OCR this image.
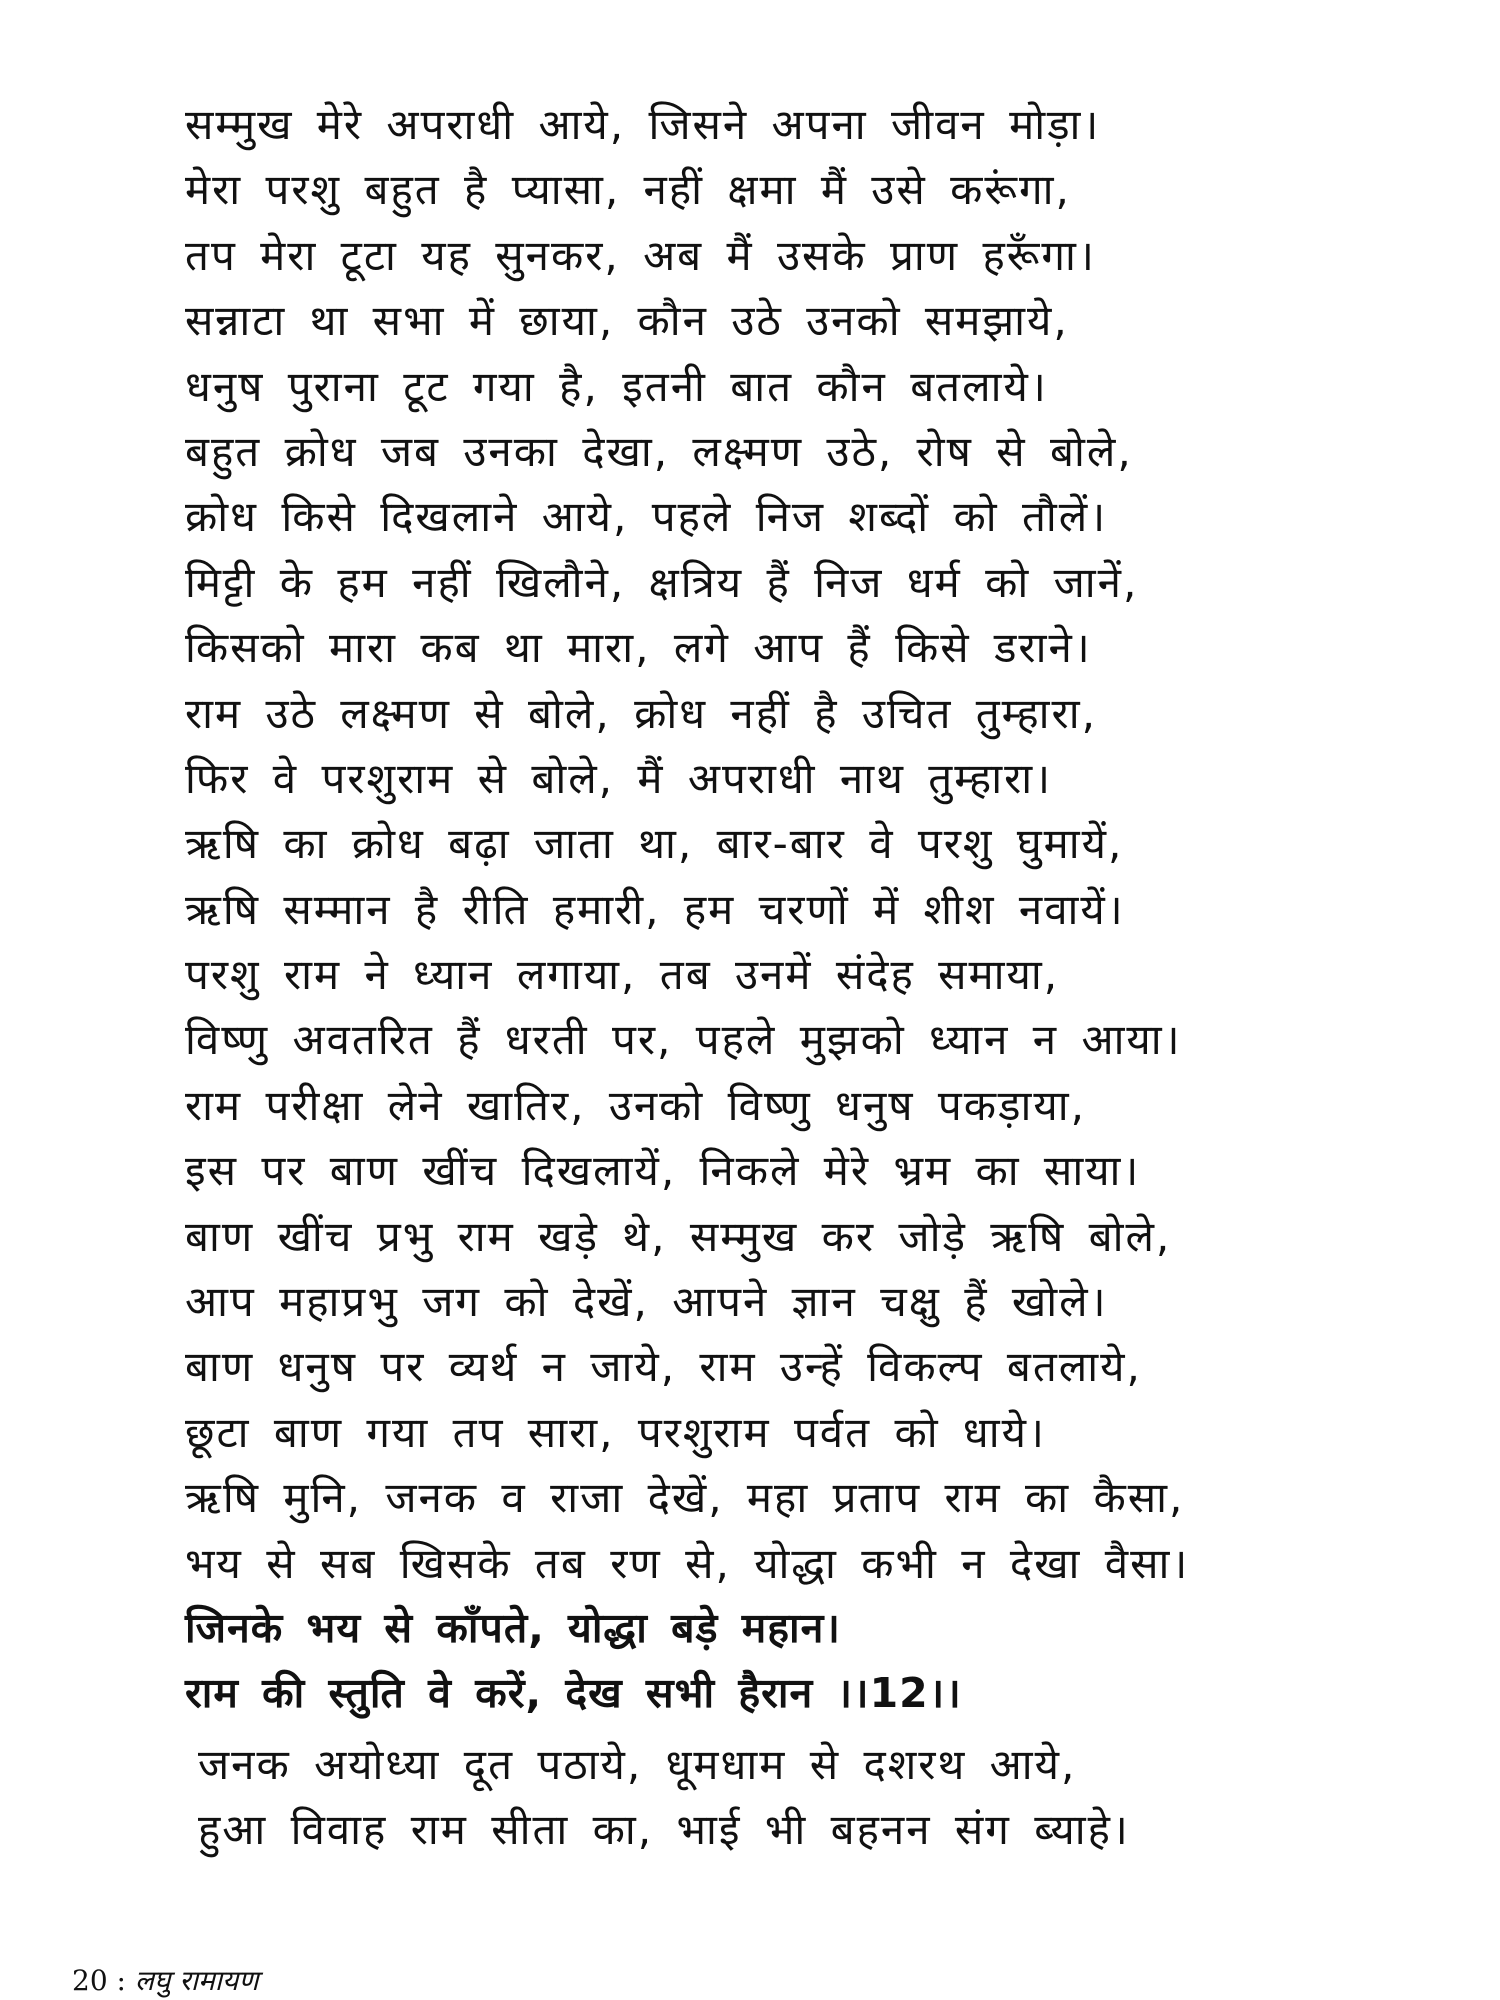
सम्मुख मेरे अपराधी आये, जिसने अपना जीवन मोड़ा।
मेरा परशु बहुत है प्यासा, नहीं क्षमा मैं उसे करूंगा,
तप मेरा टूटा यह सुनकर, अब मैं उसके प्राण हरूँगा।
सन्नाटा था सभा में छाया, कौन उठे उनको समझाये,
धनुष पुराना टूट गया है, इतनी बात कौन बतलाये।
बहुत क्रोध जब उनका देखा, लक्ष्मण उठे, रोष से बोले,
क्रोध किसे दिखलाने आये, पहले निज शब्दों को तौलें।
मिट्टी के हम नहीं खिलौने, क्षत्रिय हैं निज धर्म को जानें,
किसको मारा कब था मारा, लगे आप हैं किसे डराने।
राम उठे लक्ष्मण से बोले, क्रोध नहीं है उचित तुम्हारा,
फिर वे परशुराम से बोले, मैं अपराधी नाथ तुम्हारा।
ऋषि का क्रोध बढ़ा जाता था, बार-बार वे परशु घुमायें,
ऋषि सम्मान है रीति हमारी, हम चरणों में शीश नवायें।
परशु राम ने ध्यान लगाया, तब उनमें संदेह समाया,
विष्णु अवतरित हैं धरती पर, पहले मुझको ध्यान न आया।
राम परीक्षा लेने खातिर, उनको विष्णु धनुष पकड़ाया,
इस पर बाण खींच दिखलायें, निकले मेरे भ्रम का साया।
बाण खींच प्रभु राम खड़े थे, सम्मुख कर जोड़े ऋषि बोले,
आप महाप्रभु जग को देखें, आपने ज्ञान चक्षु हैं खोले।
बाण धनुष पर व्यर्थ न जाये, राम उन्हें विकल्प बतलाये,
छूटा बाण गया तप सारा, परशुराम पर्वत को धाये।
ऋषि मुनि, जनक व राजा देखें, महा प्रताप राम का कैसा,
भय से सब खिसके तब रण से, योद्धा कभी न देखा वैसा।
जिनके भय से काँपते, योद्धा बड़े महान।
राम की स्तुति वे करें, देख सभी हैरान ।।12।।
जनक अयोध्या दूत पठाये, धूमधाम से दशरथ आये,
हुआ विवाह राम सीता का, भाई भी बहनन संग ब्याहे।
20 : लघु रामायण
